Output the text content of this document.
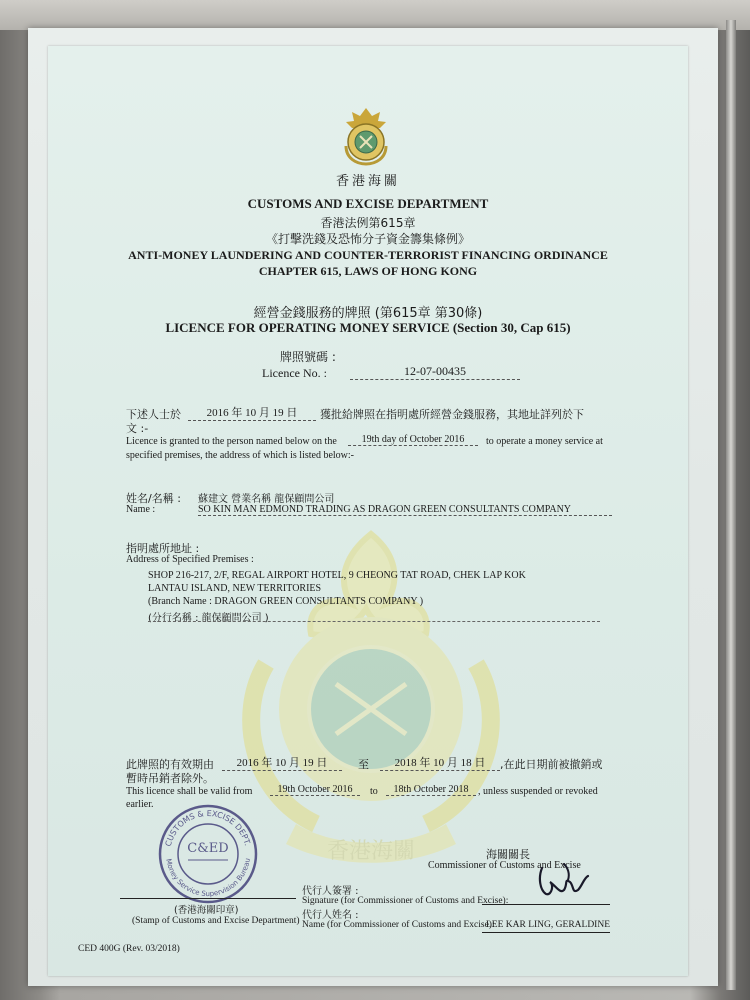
香港海關
香港海關
CUSTOMS AND EXCISE DEPARTMENT
香港法例第615章
《打擊洗錢及恐怖分子資金籌集條例》
ANTI-MONEY LAUNDERING AND COUNTER-TERRORIST FINANCING ORDINANCE
CHAPTER 615, LAWS OF HONG KONG
經營金錢服務的牌照 (第615章 第30條)
LICENCE FOR OPERATING MONEY SERVICE (Section 30, Cap 615)
牌照號碼 :
Licence No. :	12-07-00435
下述人士於	2016 年 10 月 19 日	獲批給牌照在指明處所經營金錢服務，其地址詳列於下
文 :-
Licence is granted to the person named below on the	19th day of October 2016	to operate a money service at
specified premises, the address of which is listed below:-
姓名/名稱 :
Name :
蘇建文 營業名稱 龍保顧問公司
SO KIN MAN EDMOND TRADING AS DRAGON GREEN CONSULTANTS COMPANY
指明處所地址 :
Address of Specified Premises :
SHOP 216-217, 2/F, REGAL AIRPORT HOTEL, 9 CHEONG TAT ROAD, CHEK LAP KOK
LANTAU ISLAND, NEW TERRITORIES
(Branch Name : DRAGON GREEN CONSULTANTS COMPANY )
(分行名稱 : 龍保顧問公司 )
此牌照的有效期由	2016 年 10 月 19 日	至	2018 年 10 月 18 日	,在此日期前被撤銷或
暫時吊銷者除外。
This licence shall be valid from	19th October 2016	to	18th October 2018 , unless suspended or revoked
earlier.
CUSTOMS & EXCISE DEPT.
Money Service Supervision Bureau
C&ED	海關關長
Commissioner of Customs and Excise
(香港海關印章)
(Stamp of Customs and Excise Department)
代行人簽署 :
Signature (for Commissioner of Customs and Excise):
代行人姓名 :
Name (for Commissioner of Customs and Excise):
LEE KAR LING, GERALDINE
CED 400G (Rev. 03/2018)
